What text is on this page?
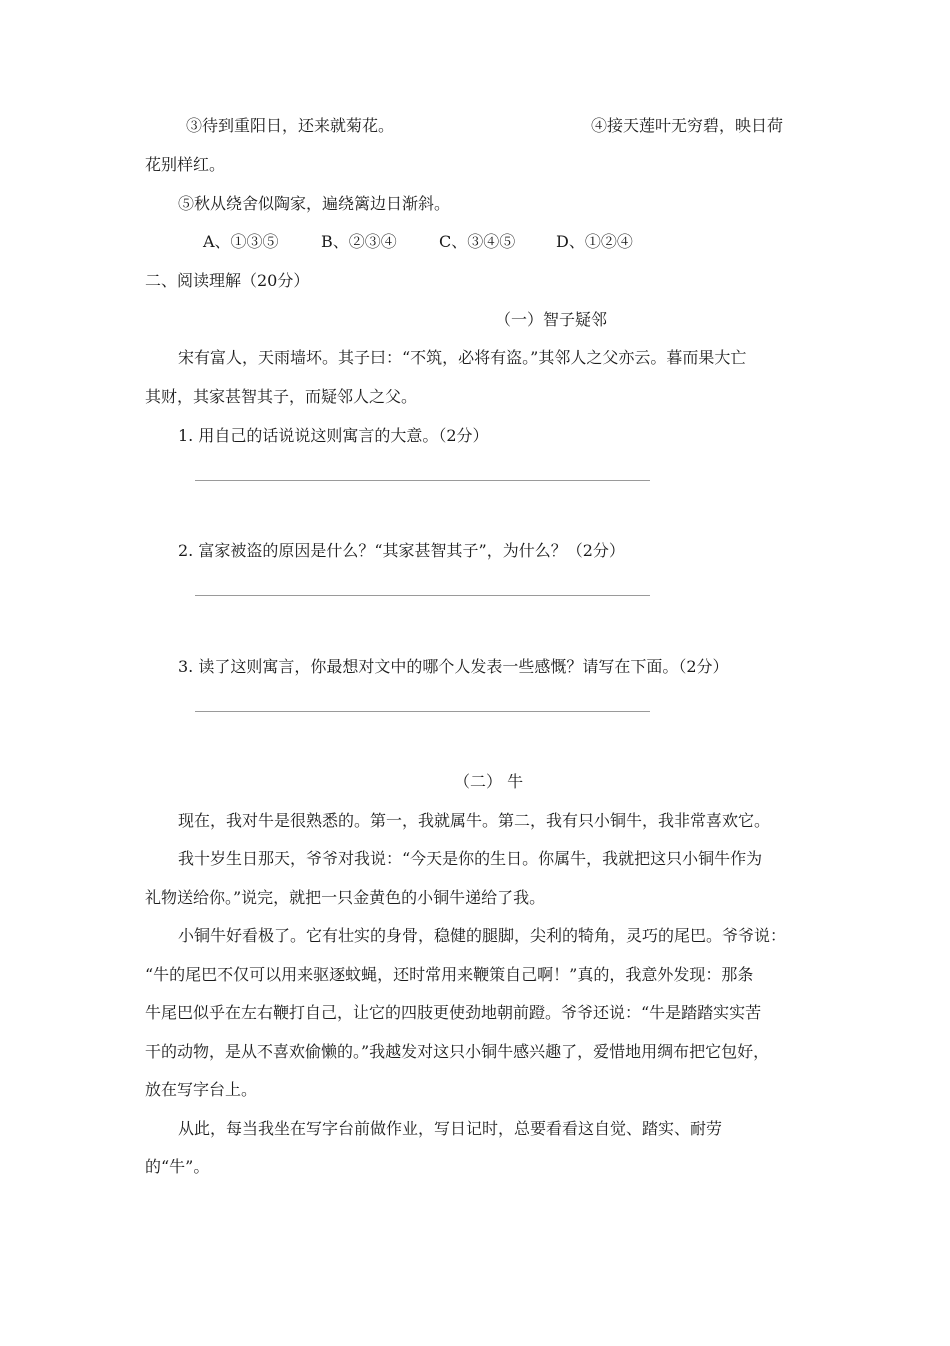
③待到重阳日，还来就菊花。	④接天莲叶无穷碧，映日荷
花别样红。
⑤秋从绕舍似陶家，遍绕篱边日渐斜。
A、①③⑤	B、②③④	C、③④⑤	D、①②④
二、阅读理解（20分）
（一）智子疑邻
宋有富人，天雨墙坏。其子曰：“不筑，必将有盗。”其邻人之父亦云。暮而果大亡
其财，其家甚智其子，而疑邻人之父。
1. 用自己的话说说这则寓言的大意。（2分）
2. 富家被盗的原因是什么？“其家甚智其子”，为什么？（2分）
3. 读了这则寓言，你最想对文中的哪个人发表一些感慨？请写在下面。（2分）
（二） 牛
现在，我对牛是很熟悉的。第一，我就属牛。第二，我有只小铜牛，我非常喜欢它。
我十岁生日那天，爷爷对我说：“今天是你的生日。你属牛，我就把这只小铜牛作为
礼物送给你。”说完，就把一只金黄色的小铜牛递给了我。
小铜牛好看极了。它有壮实的身骨，稳健的腿脚，尖利的犄角，灵巧的尾巴。爷爷说：
“牛的尾巴不仅可以用来驱逐蚊蝇，还时常用来鞭策自己啊！”真的，我意外发现：那条
牛尾巴似乎在左右鞭打自己，让它的四肢更使劲地朝前蹬。爷爷还说：“牛是踏踏实实苦
干的动物，是从不喜欢偷懒的。”我越发对这只小铜牛感兴趣了，爱惜地用绸布把它包好，
放在写字台上。
从此，每当我坐在写字台前做作业，写日记时，总要看看这自觉、踏实、耐劳
的“牛”。
